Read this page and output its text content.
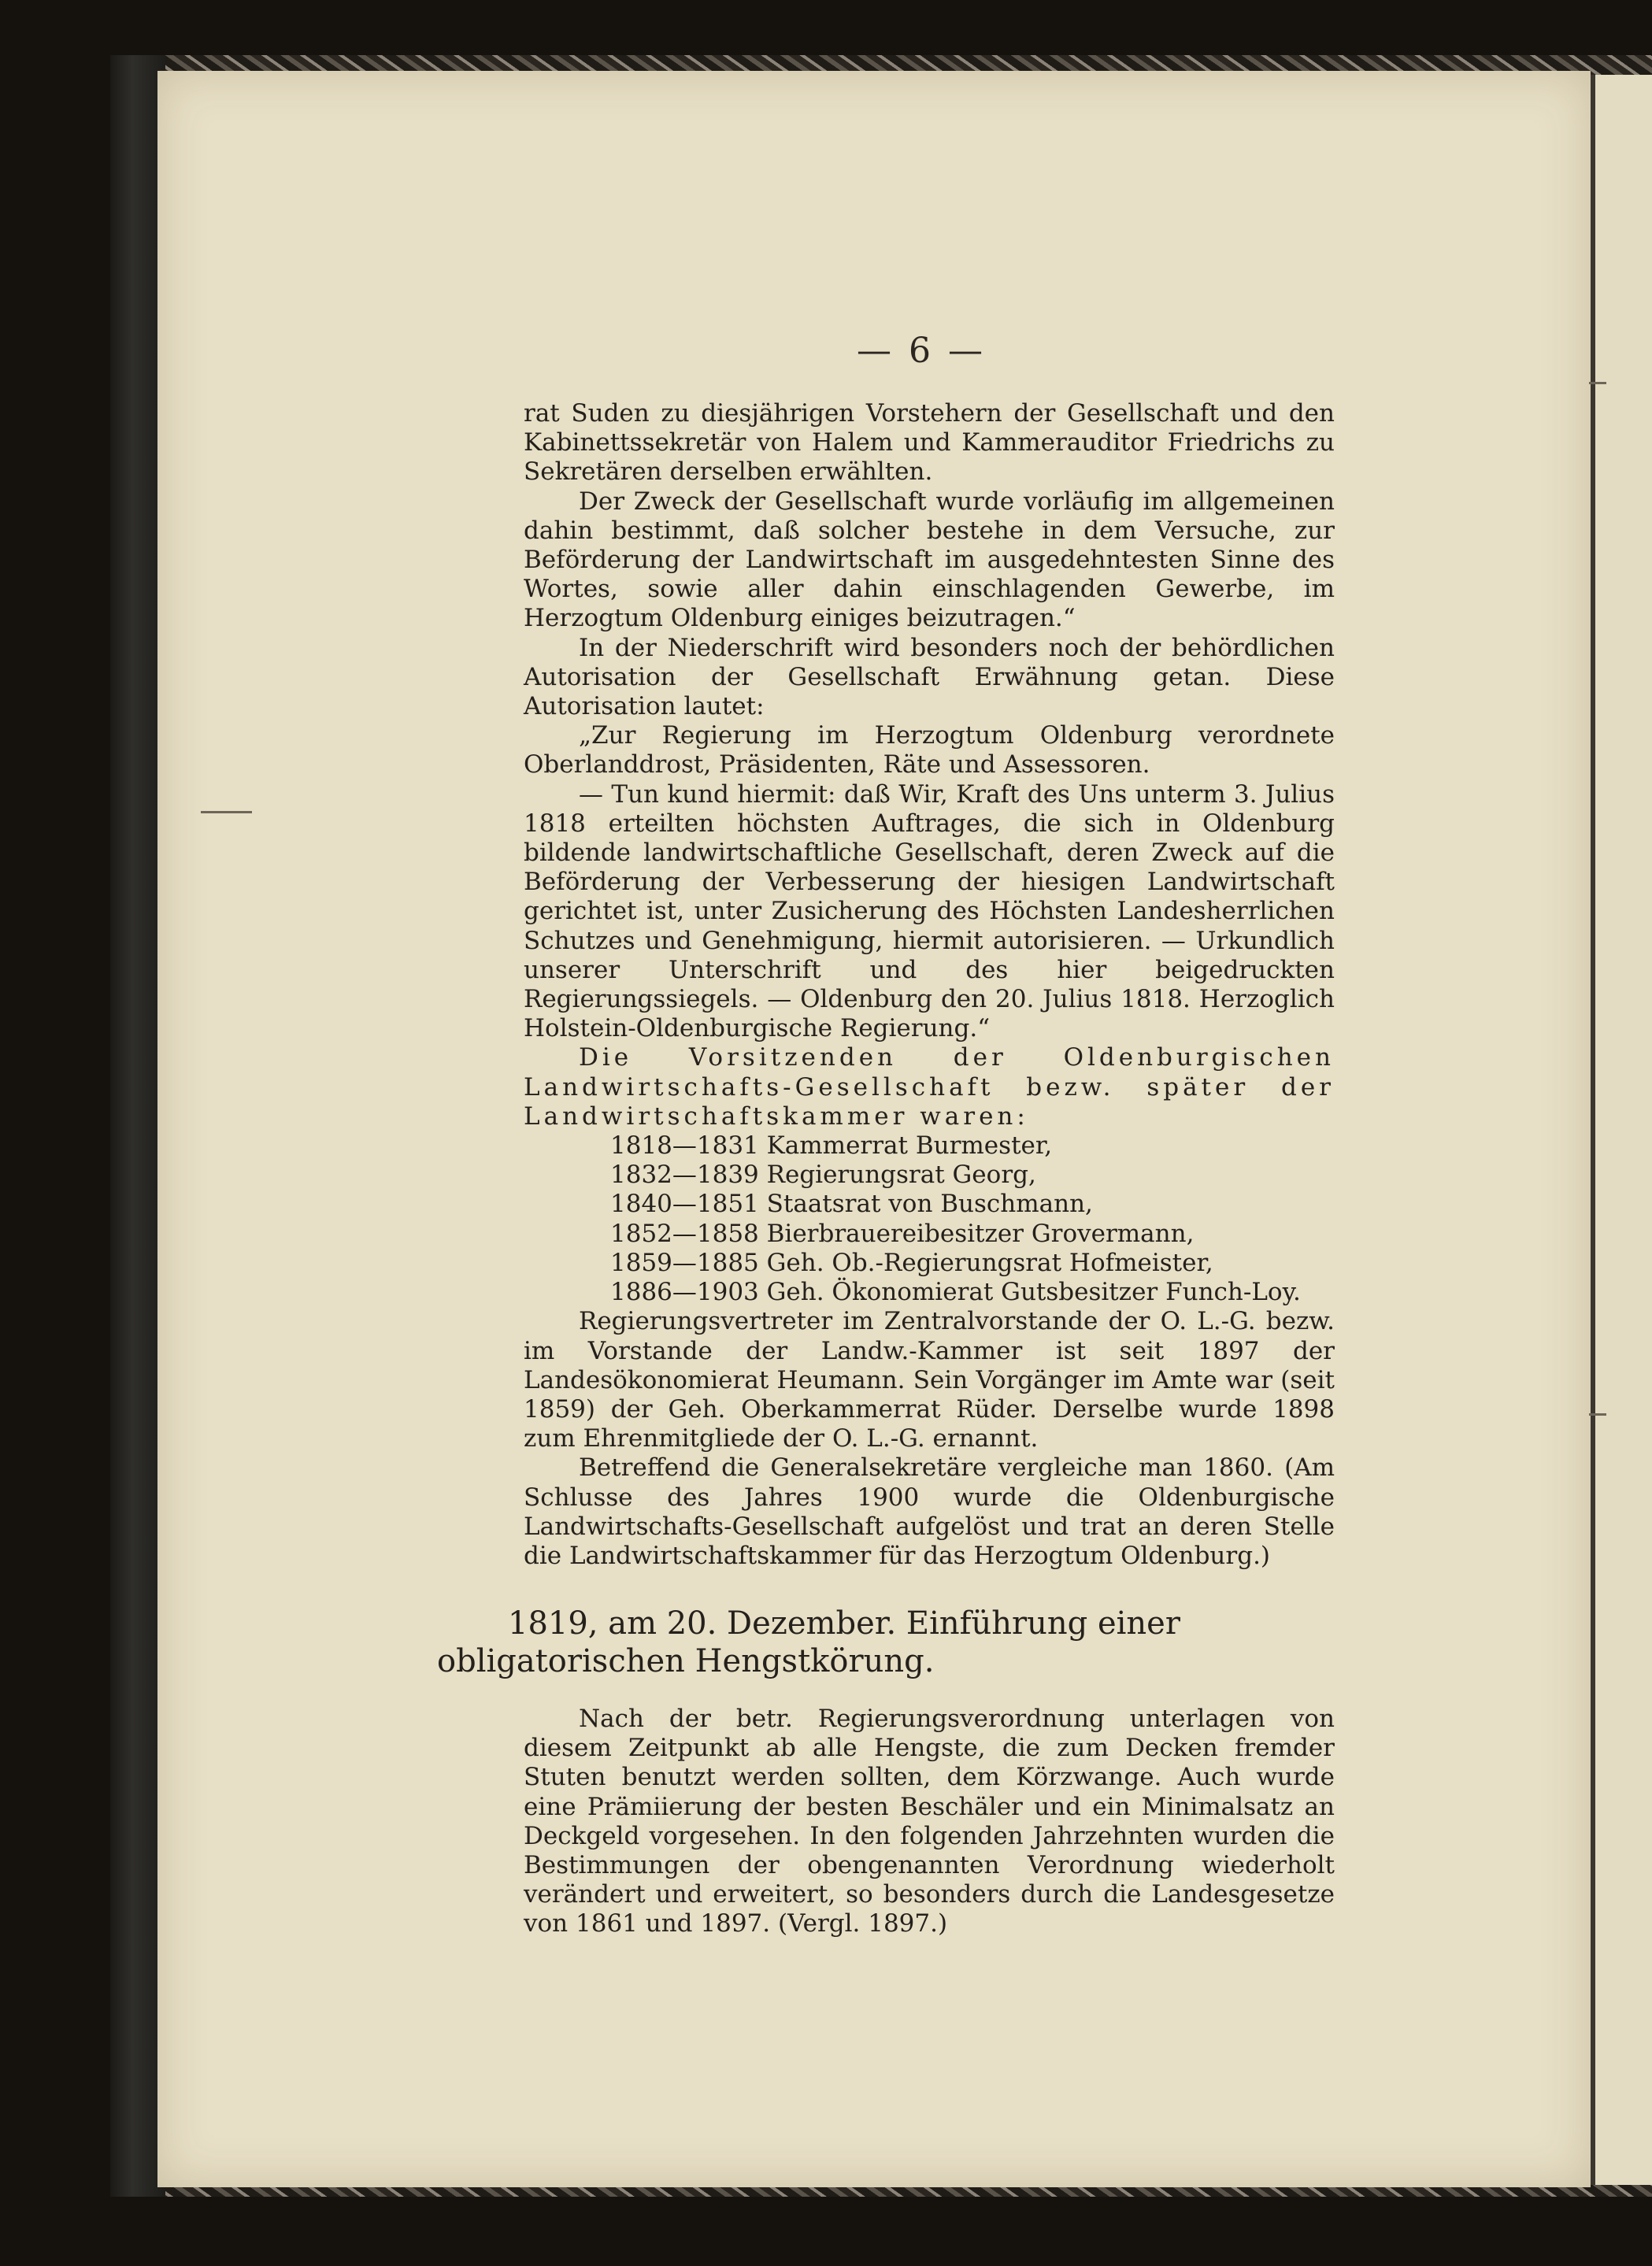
— 6 —

rat Suden zu diesjährigen Vorstehern der Gesellschaft und den Kabinettssekretär von Halem und Kammerauditor Friedrichs zu Sekretären derselben erwählten.

Der Zweck der Gesellschaft wurde vorläufig im allgemeinen dahin bestimmt, daß solcher bestehe in dem Versuche, zur Beförderung der Landwirtschaft im ausgedehntesten Sinne des Wortes, sowie aller dahin einschlagenden Gewerbe, im Herzogtum Oldenburg einiges beizutragen.“

In der Niederschrift wird besonders noch der behördlichen Autorisation der Gesellschaft Erwähnung getan. Diese Autorisation lautet:

„Zur Regierung im Herzogtum Oldenburg verordnete Oberlanddrost, Präsidenten, Räte und Assessoren.

— Tun kund hiermit: daß Wir, Kraft des Uns unterm 3. Julius 1818 erteilten höchsten Auftrages, die sich in Oldenburg bildende landwirtschaftliche Gesellschaft, deren Zweck auf die Beförderung der Verbesserung der hiesigen Landwirtschaft gerichtet ist, unter Zusicherung des Höchsten Landesherrlichen Schutzes und Genehmigung, hiermit autorisieren. — Urkundlich unserer Unterschrift und des hier beigedruckten Regierungssiegels. — Oldenburg den 20. Julius 1818. Herzoglich Holstein-Oldenburgische Regierung.“

Die Vorsitzenden der Oldenburgischen Landwirtschafts-Gesellschaft bezw. später der Landwirtschaftskammer waren:

1818—1831 Kammerrat Burmester,
1832—1839 Regierungsrat Georg,
1840—1851 Staatsrat von Buschmann,
1852—1858 Bierbrauereibesitzer Grovermann,
1859—1885 Geh. Ob.-Regierungsrat Hofmeister,
1886—1903 Geh. Ökonomierat Gutsbesitzer Funch-Loy.

Regierungsvertreter im Zentralvorstande der O. L.-G. bezw. im Vorstande der Landw.-Kammer ist seit 1897 der Landesökonomierat Heumann. Sein Vorgänger im Amte war (seit 1859) der Geh. Oberkammerrat Rüder. Derselbe wurde 1898 zum Ehrenmitgliede der O. L.-G. ernannt.

Betreffend die Generalsekretäre vergleiche man 1860. (Am Schlusse des Jahres 1900 wurde die Oldenburgische Landwirtschafts-Gesellschaft aufgelöst und trat an deren Stelle die Landwirtschaftskammer für das Herzogtum Oldenburg.)

1819, am 20. Dezember. Einführung einer obligatorischen Hengstkörung.

Nach der betr. Regierungsverordnung unterlagen von diesem Zeitpunkt ab alle Hengste, die zum Decken fremder Stuten benutzt werden sollten, dem Körzwange. Auch wurde eine Prämiierung der besten Beschäler und ein Minimalsatz an Deckgeld vorgesehen. In den folgenden Jahrzehnten wurden die Bestimmungen der obengenannten Verordnung wiederholt verändert und erweitert, so besonders durch die Landesgesetze von 1861 und 1897. (Vergl. 1897.)
